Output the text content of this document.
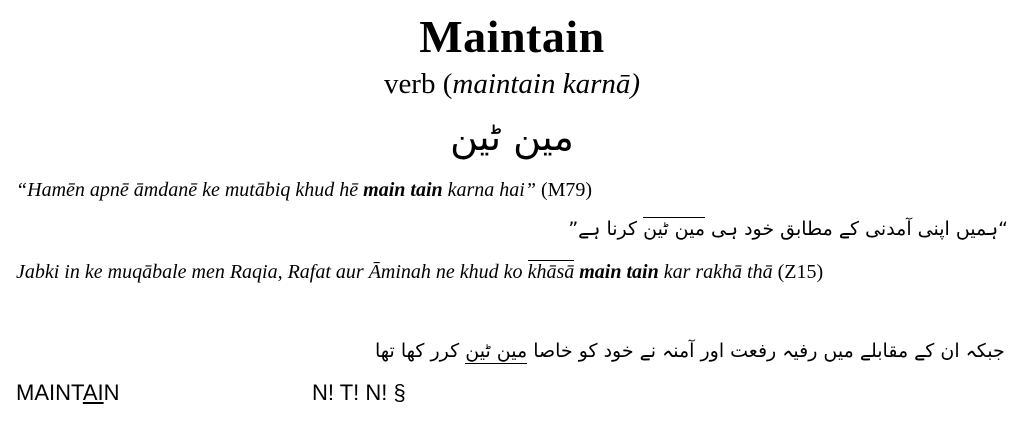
Maintain
verb (maintain karnā)
مین ٹین
“Hamēn apnē āmdanē ke mutābiq khud hē main tain karna hai” (M79)
“ہمیں اپنی آمدنی کے مطابق خود ہی مین ٹین کرنا ہے”
Jabki in ke muqābale men Raqia, Rafat aur Āminah ne khud ko khāsā main tain kar rakhā thā (Z15)
جبکہ ان کے مقابلے میں رفیہ رفعت اور آمنہ نے خود کو خاصا مین ٹین کرر کھا تھا
MAINTAIN	N! T! N! §
